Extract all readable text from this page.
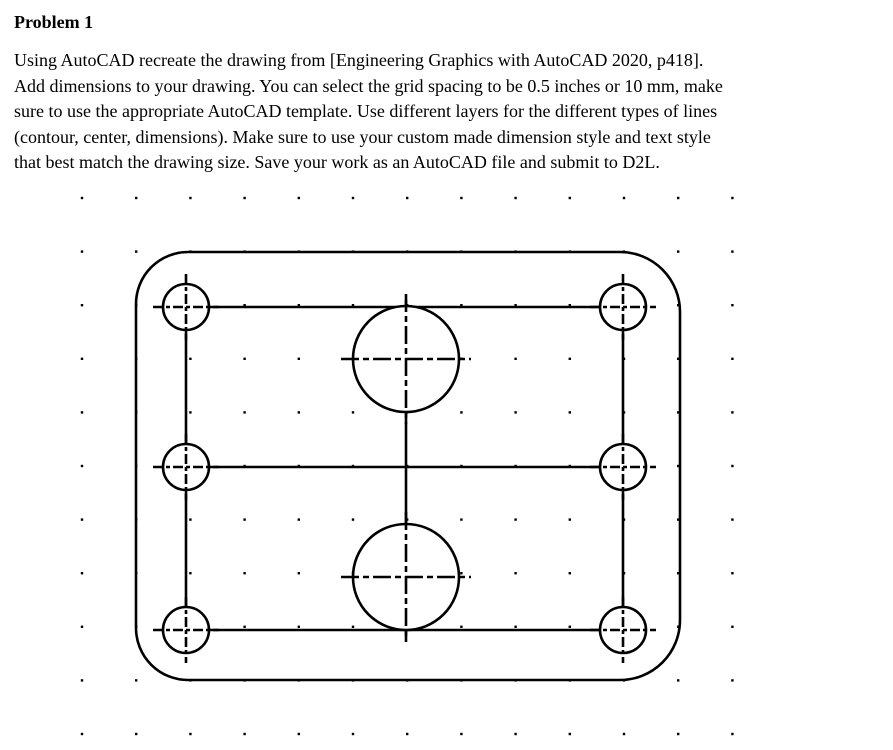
Problem 1
Using AutoCAD recreate the drawing from [Engineering Graphics with AutoCAD 2020, p418].
Add dimensions to your drawing. You can select the grid spacing to be 0.5 inches or 10 mm, make
sure to use the appropriate AutoCAD template. Use different layers for the different types of lines
(contour, center, dimensions). Make sure to use your custom made dimension style and text style
that best match the drawing size. Save your work as an AutoCAD file and submit to D2L.
